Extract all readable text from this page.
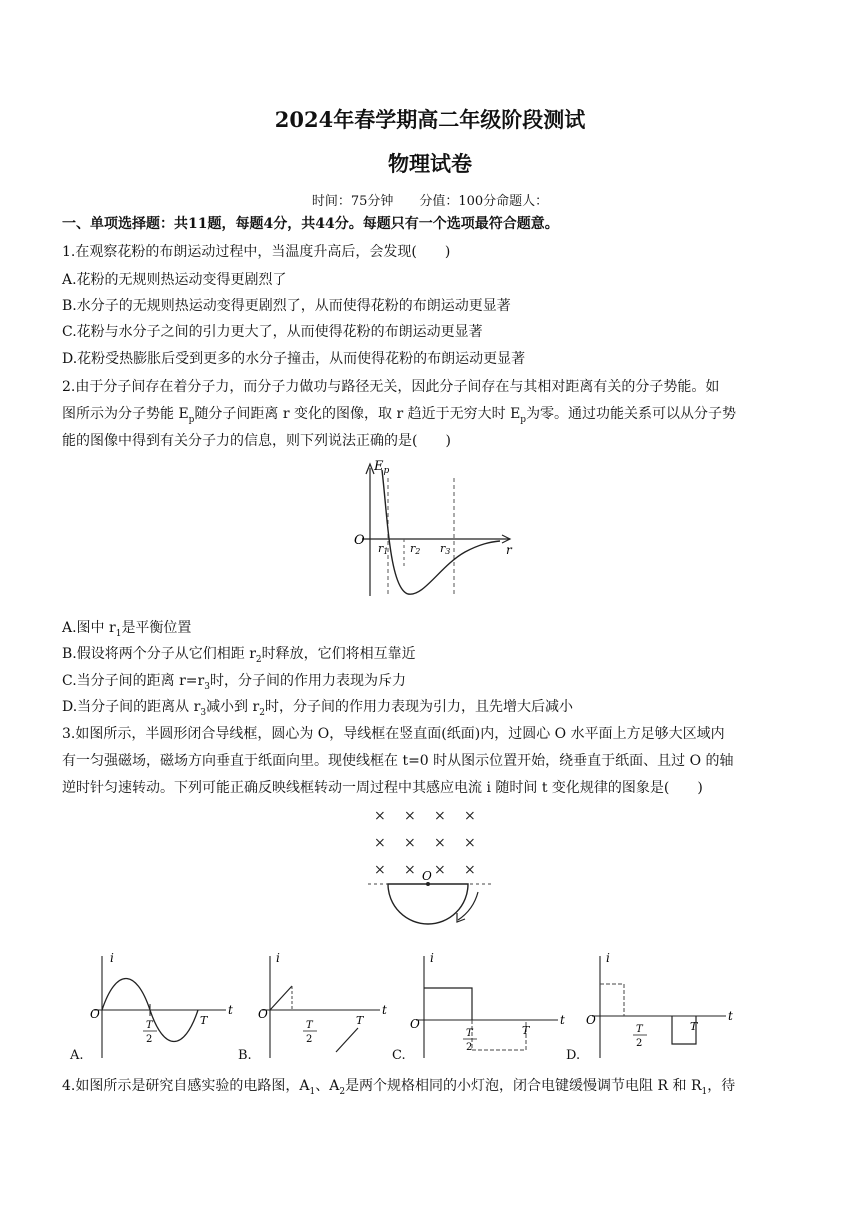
2024年春学期高二年级阶段测试
物理试卷
时间：75分钟　　分值：100分命题人：
一、单项选择题：共11题，每题4分，共44分。每题只有一个选项最符合题意。
1.在观察花粉的布朗运动过程中，当温度升高后，会发现(　　)
A.花粉的无规则热运动变得更剧烈了
B.水分子的无规则热运动变得更剧烈了，从而使得花粉的布朗运动更显著
C.花粉与水分子之间的引力更大了，从而使得花粉的布朗运动更显著
D.花粉受热膨胀后受到更多的水分子撞击，从而使得花粉的布朗运动更显著
2.由于分子间存在着分子力，而分子力做功与路径无关，因此分子间存在与其相对距离有关的分子势能。如
图所示为分子势能 $E_p$随分子间距离 r 变化的图像，取 r 趋近于无穷大时 $E_p$为零。通过功能关系可以从分子势
能的图像中得到有关分子力的信息，则下列说法正确的是(　　)
$E_p$
O
r1 r2 r3	r
A.图中 $r_1$是平衡位置
B.假设将两个分子从它们相距 $r_2$时释放，它们将相互靠近
C.当分子间的距离 $r=r_3$时，分子间的作用力表现为斥力
D.当分子间的距离从 $r_3$减小到 $r_2$时，分子间的作用力表现为引力，且先增大后减小
3.如图所示，半圆形闭合导线框，圆心为 O，导线框在竖直面(纸面)内，过圆心 O 水平面上方足够大区域内
有一匀强磁场，磁场方向垂直于纸面向里。现使线框在 t=0 时从图示位置开始，绕垂直于纸面、且过 O 的轴
逆时针匀速转动。下列可能正确反映线框转动一周过程中其感应电流 i 随时间 t 变化规律的图象是(　　)
× × × ×
× × × ×
× × × ×
O
i
t
O
T
2
T
i
t
O
T
2
T
i
t
O
T
2
T
i
t
O
T
2
T
A.	B.	C.	D.
4.如图所示是研究自感实验的电路图，$A_1$、$A_2$是两个规格相同的小灯泡，闭合电键缓慢调节电阻 R 和 $R_1$，待
